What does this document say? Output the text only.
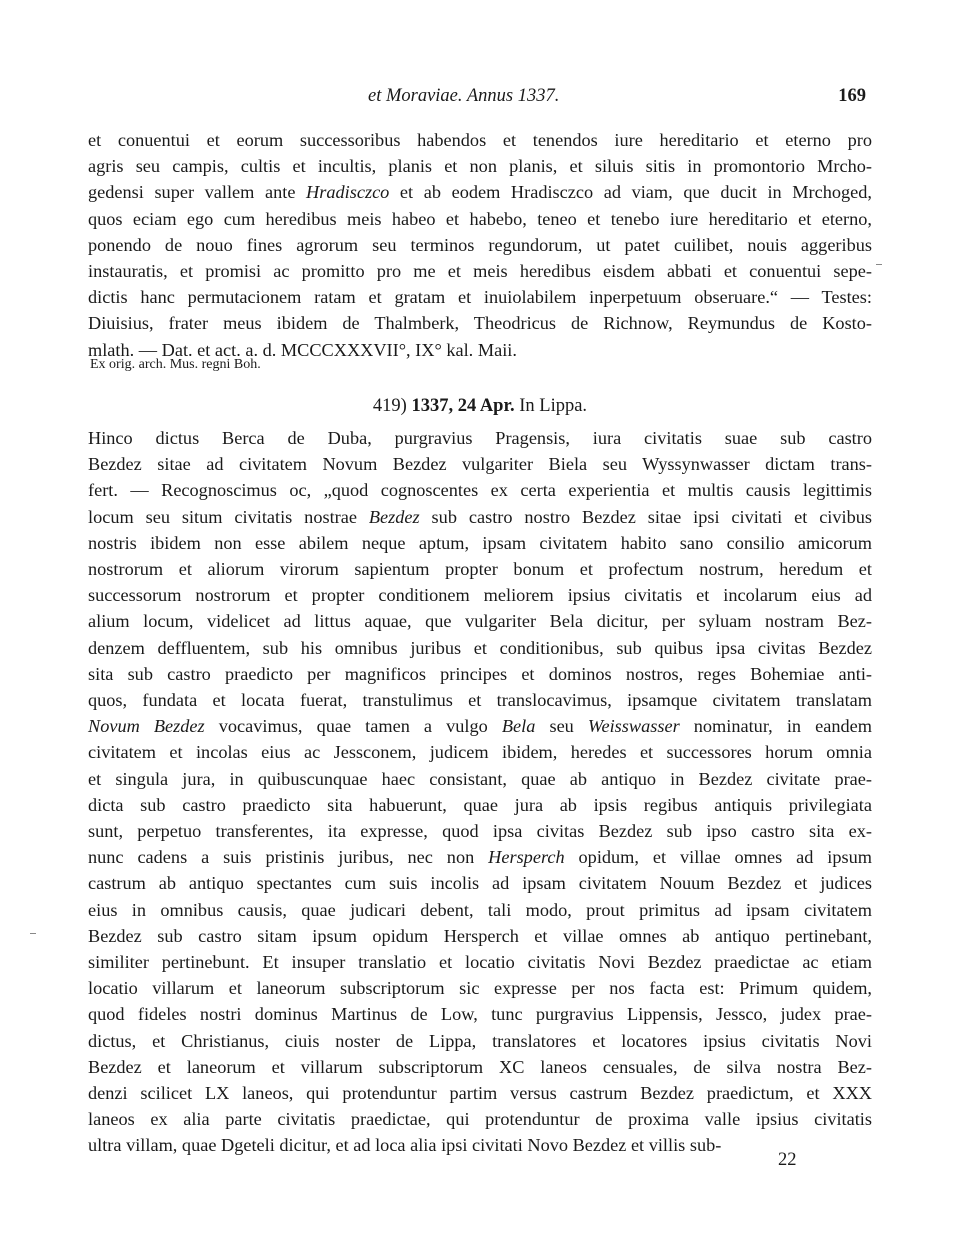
et Moraviae. Annus 1337.	169
et conuentui et eorum successoribus habendos et tenendos iure hereditario et eterno pro
agris seu campis, cultis et incultis, planis et non planis, et siluis sitis in promontorio Mrcho-
gedensi super vallem ante Hradisczco et ab eodem Hradisczco ad viam, que ducit in Mrchoged,
quos eciam ego cum heredibus meis habeo et habebo, teneo et tenebo iure hereditario et eterno,
ponendo de nouo fines agrorum seu terminos regundorum, ut patet cuilibet, nouis aggeribus
instauratis, et promisi ac promitto pro me et meis heredibus eisdem abbati et conuentui sepe-
dictis hanc permutacionem ratam et gratam et inuiolabilem inperpetuum obseruare.“ — Testes:
Diuisius, frater meus ibidem de Thalmberk, Theodricus de Richnow, Reymundus de Kosto-
mlath. — Dat. et act. a. d. MCCCXXXVII°, IX° kal. Maii.
Ex orig. arch. Mus. regni Boh.
419) 1337, 24 Apr. In Lippa.
Hinco dictus Berca de Duba, purgravius Pragensis, iura civitatis suae sub castro
Bezdez sitae ad civitatem Novum Bezdez vulgariter Biela seu Wyssynwasser dictam trans-
fert. — Recognoscimus oc, „quod cognoscentes ex certa experientia et multis causis legittimis
locum seu situm civitatis nostrae Bezdez sub castro nostro Bezdez sitae ipsi civitati et civibus
nostris ibidem non esse abilem neque aptum, ipsam civitatem habito sano consilio amicorum
nostrorum et aliorum virorum sapientum propter bonum et profectum nostrum, heredum et
successorum nostrorum et propter conditionem meliorem ipsius civitatis et incolarum eius ad
alium locum, videlicet ad littus aquae, que vulgariter Bela dicitur, per syluam nostram Bez-
denzem deffluentem, sub his omnibus juribus et conditionibus, sub quibus ipsa civitas Bezdez
sita sub castro praedicto per magnificos principes et dominos nostros, reges Bohemiae anti-
quos, fundata et locata fuerat, transtulimus et translocavimus, ipsamque civitatem translatam
Novum Bezdez vocavimus, quae tamen a vulgo Bela seu Weisswasser nominatur, in eandem
civitatem et incolas eius ac Jessconem, judicem ibidem, heredes et successores horum omnia
et singula jura, in quibuscunquae haec consistant, quae ab antiquo in Bezdez civitate prae-
dicta sub castro praedicto sita habuerunt, quae jura ab ipsis regibus antiquis privilegiata
sunt, perpetuo transferentes, ita expresse, quod ipsa civitas Bezdez sub ipso castro sita ex-
nunc cadens a suis pristinis juribus, nec non Hersperch opidum, et villae omnes ad ipsum
castrum ab antiquo spectantes cum suis incolis ad ipsam civitatem Nouum Bezdez et judices
eius in omnibus causis, quae judicari debent, tali modo, prout primitus ad ipsam civitatem
Bezdez sub castro sitam ipsum opidum Hersperch et villae omnes ab antiquo pertinebant,
similiter pertinebunt. Et insuper translatio et locatio civitatis Novi Bezdez praedictae ac etiam
locatio villarum et laneorum subscriptorum sic expresse per nos facta est: Primum quidem,
quod fideles nostri dominus Martinus de Low, tunc purgravius Lippensis, Jessco, judex prae-
dictus, et Christianus, ciuis noster de Lippa, translatores et locatores ipsius civitatis Novi
Bezdez et laneorum et villarum subscriptorum XC laneos censuales, de silva nostra Bez-
denzi scilicet LX laneos, qui protenduntur partim versus castrum Bezdez praedictum, et XXX
laneos ex alia parte civitatis praedictae, qui protenduntur de proxima valle ipsius civitatis
ultra villam, quae Dgeteli dicitur, et ad loca alia ipsi civitati Novo Bezdez et villis sub-
22
